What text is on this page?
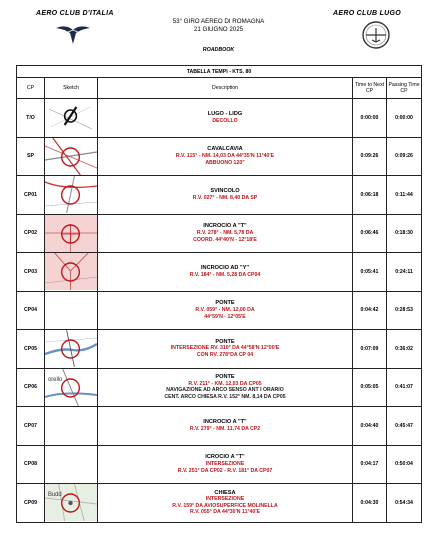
AERO CLUB D'ITALIA	AERO CLUB LUGO
53° GIRO AEREO DI ROMAGNA
21 GIUGNO 2025
ROADBOOK
TABELLA TEMPI - KTS. 80				
CP	Sketch	Description	Time to Next CP	Passing Time CP
T/O		LUGO - LIDG
DECOLLO	0:00:00	0:00:00
SP		CAVALCAVIA
R.V. 115° - NM. 14,03 DA 44°35'N 11°40'E
ABBUONO 120"	0:09:26	0:09:26
CP01		SVINCOLO
R.V. 027° - NM. 8,40 DA SP	0:06:18	0:11:44
CP02		INCROCIO A "T"
R.V. 278° - NM. 5,78 DA
COORD. 44°40'N - 12°18'E	0:06:46	0:18:30
CP03		INCROCIO AD "Y"
R.V. 184° - NM. 5,28 DA CP04	0:05:41	0:24:11
CP04		PONTE
R.V. 059° - NM. 12,00 DA
44°59'N - 12°05'E	0:04:42	0:28:53
CP05		PONTE
INTERSEZIONE RV. 310° DA 44°58'N 12°00'E
CON RV. 278°DA CP 04	0:07:09	0:36:02
CP06	orello	PONTE
R.V. 211° - KM. 12,03 DA CP05
NAVIGAZIONE AD ARCO SENSO ANT I ORARIO
CENT. ARCO CHIESA R.V. 152° NM. 8,14 DA CP05	0:05:05	0:41:07
CP07		INCROCIO A "T"
R.V. 279° - NM. 11,74 DA CP2	0:04:40	0:45:47
CP08		ICROCIO A "T"
INTERSEZIONE
R.V. 251° DA CP02 - R.V. 181° DA CP07	0:04:17	0:50:04
CP09	Budd	CHIESA
INTERSEZIONE
R.V. 159° DA AVIOSUPERFICE MOLINELLA
R.V. 055° DA 44°30'N 11°40'E	0:04:30	0:54:34
